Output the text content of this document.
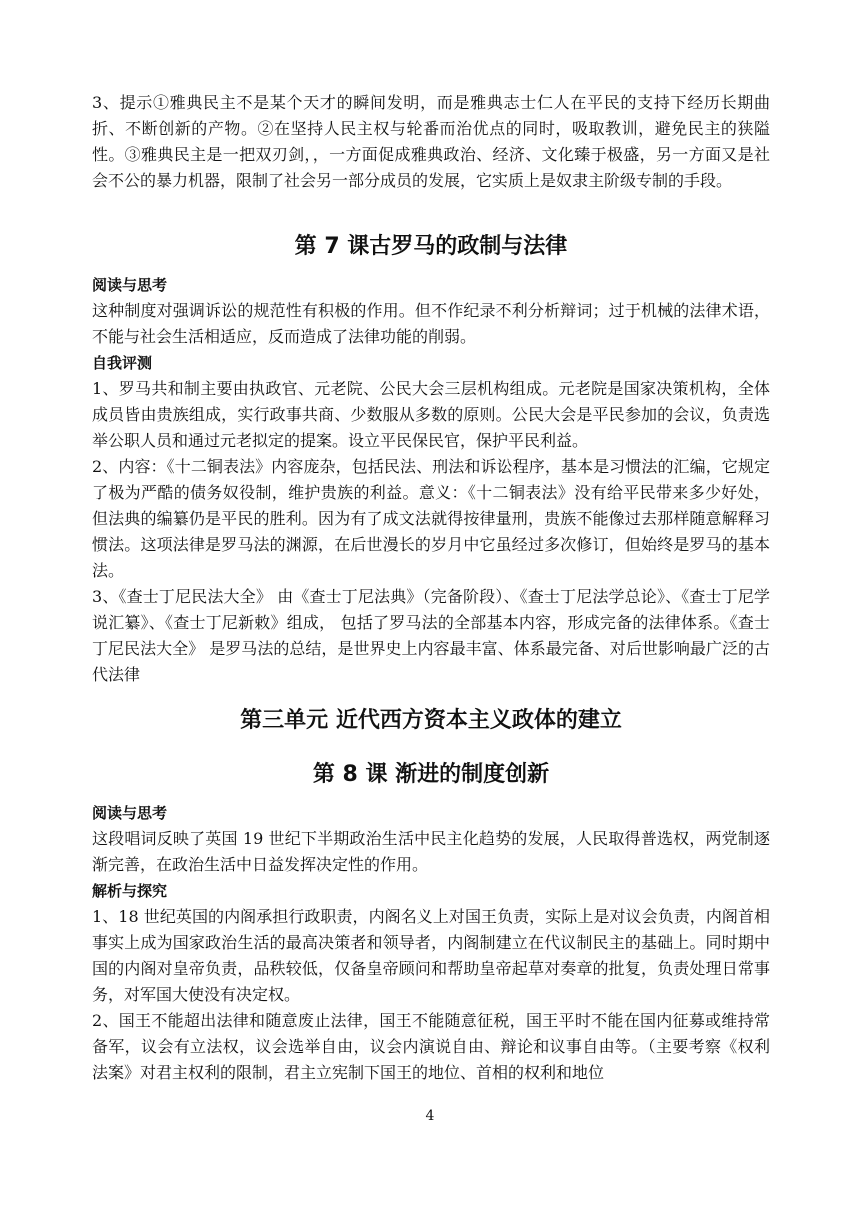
3、提示①雅典民主不是某个天才的瞬间发明，而是雅典志士仁人在平民的支持下经历长期曲折、不断创新的产物。②在坚持人民主权与轮番而治优点的同时，吸取教训，避免民主的狭隘性。③雅典民主是一把双刃剑，，一方面促成雅典政治、经济、文化臻于极盛，另一方面又是社会不公的暴力机器，限制了社会另一部分成员的发展，它实质上是奴隶主阶级专制的手段。

第 7 课古罗马的政制与法律
阅读与思考

这种制度对强调诉讼的规范性有积极的作用。但不作纪录不利分析辩词；过于机械的法律术语，不能与社会生活相适应，反而造成了法律功能的削弱。

自我评测

1、罗马共和制主要由执政官、元老院、公民大会三层机构组成。元老院是国家决策机构，全体成员皆由贵族组成，实行政事共商、少数服从多数的原则。公民大会是平民参加的会议，负责选举公职人员和通过元老拟定的提案。设立平民保民官，保护平民利益。

2、内容：《十二铜表法》内容庞杂，包括民法、刑法和诉讼程序，基本是习惯法的汇编，它规定了极为严酷的债务奴役制，维护贵族的利益。意义：《十二铜表法》没有给平民带来多少好处，但法典的编纂仍是平民的胜利。因为有了成文法就得按律量刑，贵族不能像过去那样随意解释习惯法。这项法律是罗马法的渊源，在后世漫长的岁月中它虽经过多次修订，但始终是罗马的基本法。

3、《查士丁尼民法大全》 由《查士丁尼法典》（完备阶段）、《查士丁尼法学总论》、《查士丁尼学说汇纂》、《查士丁尼新敕》组成， 包括了罗马法的全部基本内容，形成完备的法律体系。《查士丁尼民法大全》 是罗马法的总结，是世界史上内容最丰富、体系最完备、对后世影响最广泛的古代法律

第三单元 近代西方资本主义政体的建立
第 8 课 渐进的制度创新
阅读与思考

这段唱词反映了英国 19 世纪下半期政治生活中民主化趋势的发展，人民取得普选权，两党制逐渐完善，在政治生活中日益发挥决定性的作用。

解析与探究

1、18 世纪英国的内阁承担行政职责，内阁名义上对国王负责，实际上是对议会负责，内阁首相事实上成为国家政治生活的最高决策者和领导者，内阁制建立在代议制民主的基础上。同时期中国的内阁对皇帝负责，品秩较低，仅备皇帝顾问和帮助皇帝起草对奏章的批复，负责处理日常事务，对军国大使没有决定权。

2、国王不能超出法律和随意废止法律，国王不能随意征税，国王平时不能在国内征募或维持常备军，议会有立法权，议会选举自由，议会内演说自由、辩论和议事自由等。（主要考察《权利法案》对君主权利的限制，君主立宪制下国王的地位、首相的权利和地位

4
